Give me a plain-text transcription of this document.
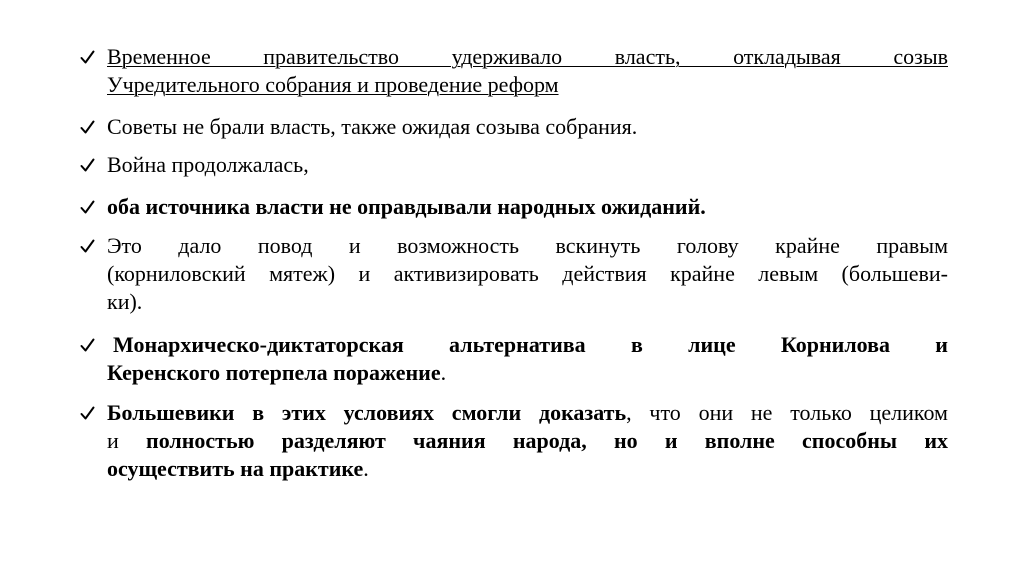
Временное правительство удерживало власть, откладывая созыв
Учредительного собрания и проведение реформ
Советы не брали власть, также ожидая созыва собрания.
Война продолжалась,
оба источника власти не оправдывали народных ожиданий.
Это дало повод и возможность вскинуть голову крайне правым
(корниловский мятеж) и активизировать действия крайне левым (большеви-
ки).
Монархическо-диктаторская альтернатива в лице Корнилова и
Керенского потерпела поражение.
Большевики в этих условиях смогли доказать, что они не только целиком
и полностью разделяют чаяния народа, но и вполне способны их
осуществить на практике.
